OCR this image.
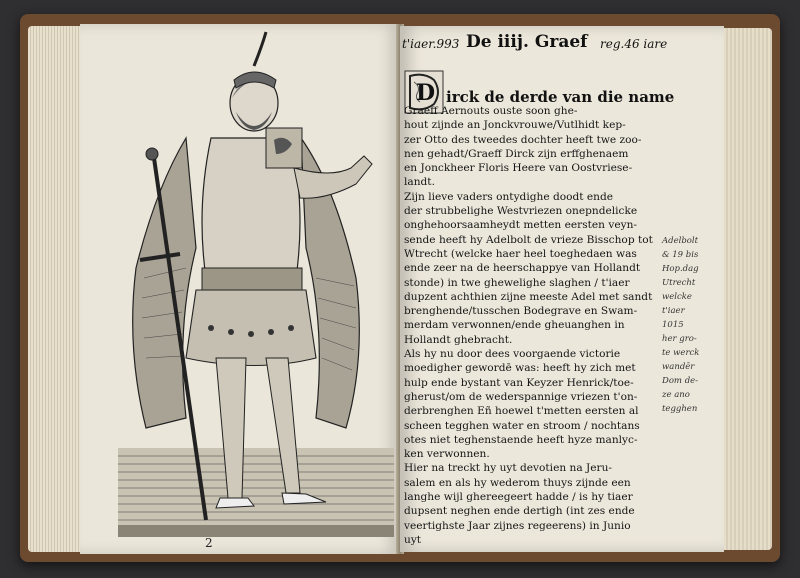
2
t'iaer.993 De iiij. Graef reg.46 iare
D irck de derde van die name
Graeff Aernouts ouste soon ghe-
hout zijnde an Jonckvrouwe/Vutlhidt kep-
zer Otto des tweedes dochter heeft twe zoo-
nen gehadt/Graeff Dirck zijn erffghenaem
en Jonckheer Floris Heere van Oostvriese-
landt.
Zijn lieve vaders ontydighe doodt ende
der strubbelighe Westvriezen onepndelicke
onghehoorsaamheydt metten eersten veyn-
sende heeft hy Adelbolt de vrieze Bisschop tot
Wtrecht (welcke haer heel toeghedaen was
ende zeer na de heerschappye van Hollandt
stonde) in twe ghewelighe slaghen / t'iaer
dupzent achthien zijne meeste Adel met sandt
brenghende/tusschen Bodegrave en Swam-
merdam verwonnen/ende gheuanghen in
Hollandt ghebracht.
Als hy nu door dees voorgaende victorie
moedigher gewordē was: heeft hy zich met
hulp ende bystant van Keyzer Henrick/toe-
gherust/om de wederspannige vriezen t'on-
derbrenghen Eñ hoewel t'metten eersten al
scheen tegghen water en stroom / nochtans
otes niet teghenstaende heeft hyze manlyc-
ken verwonnen.
Hier na treckt hy uyt devotien na Jeru-
salem en als hy wederom thuys zijnde een
langhe wijl ghereegeert hadde / is hy tiaer
dupsent neghen ende dertigh (int zes ende
veertighste Jaar zijnes regeerens) in Junio
uyt
Adelbolt
& 19 bis
Hop.dag
Utrecht
welcke
t'iaer
1015
her gro-
te werck
wandēr
Dom de-
ze ano
tegghen
